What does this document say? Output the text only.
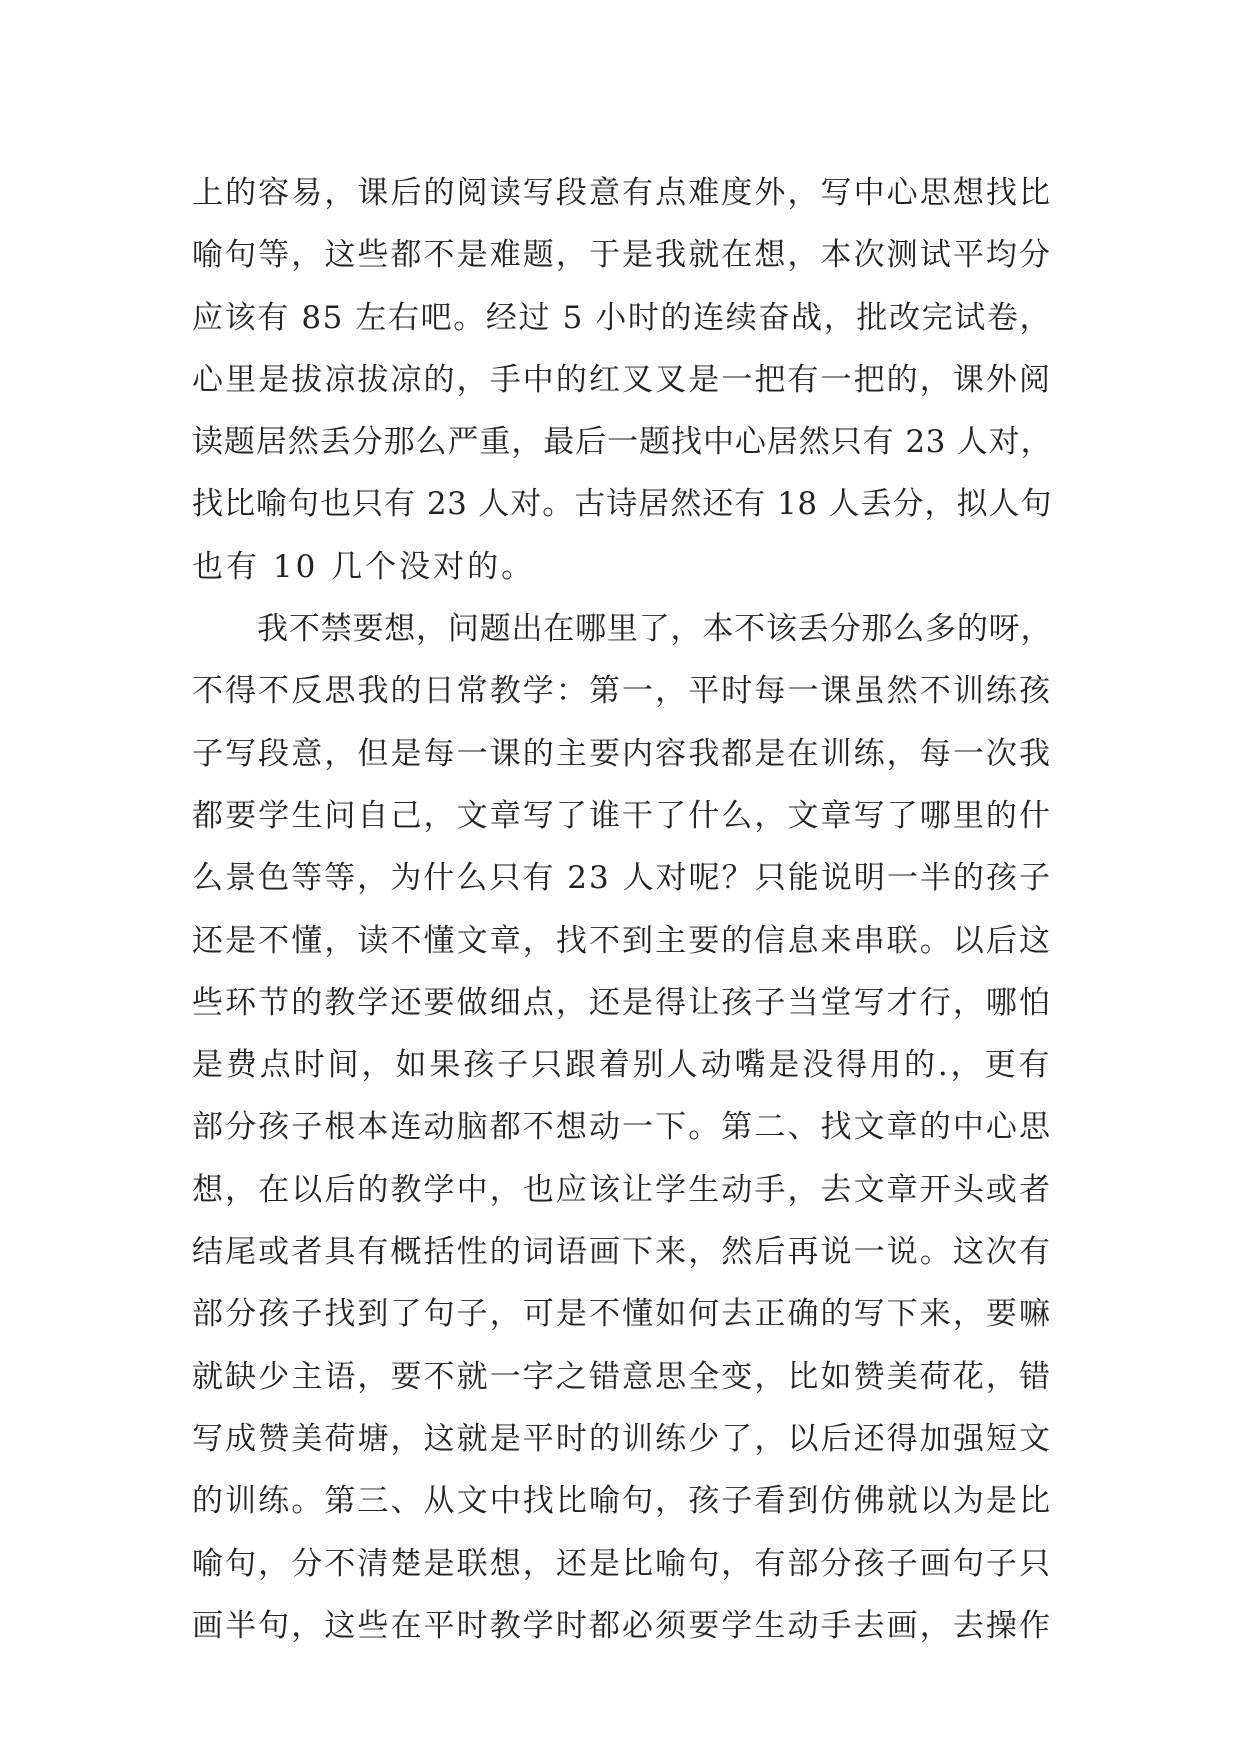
上的容易，课后的阅读写段意有点难度外，写中心思想找比
喻句等，这些都不是难题，于是我就在想，本次测试平均分
应该有 85 左右吧。经过 5 小时的连续奋战，批改完试卷，
心里是拔凉拔凉的，手中的红叉叉是一把有一把的，课外阅
读题居然丢分那么严重，最后一题找中心居然只有 23 人对，
找比喻句也只有 23 人对。古诗居然还有 18 人丢分，拟人句
也有 10 几个没对的。
我不禁要想，问题出在哪里了，本不该丢分那么多的呀，
不得不反思我的日常教学：第一，平时每一课虽然不训练孩
子写段意，但是每一课的主要内容我都是在训练，每一次我
都要学生问自己，文章写了谁干了什么，文章写了哪里的什
么景色等等，为什么只有 23 人对呢？只能说明一半的孩子
还是不懂，读不懂文章，找不到主要的信息来串联。以后这
些环节的教学还要做细点，还是得让孩子当堂写才行，哪怕
是费点时间，如果孩子只跟着别人动嘴是没得用的.，更有
部分孩子根本连动脑都不想动一下。第二、找文章的中心思
想，在以后的教学中，也应该让学生动手，去文章开头或者
结尾或者具有概括性的词语画下来，然后再说一说。这次有
部分孩子找到了句子，可是不懂如何去正确的写下来，要嘛
就缺少主语，要不就一字之错意思全变，比如赞美荷花，错
写成赞美荷塘，这就是平时的训练少了，以后还得加强短文
的训练。第三、从文中找比喻句，孩子看到仿佛就以为是比
喻句，分不清楚是联想，还是比喻句，有部分孩子画句子只
画半句，这些在平时教学时都必须要学生动手去画，去操作
